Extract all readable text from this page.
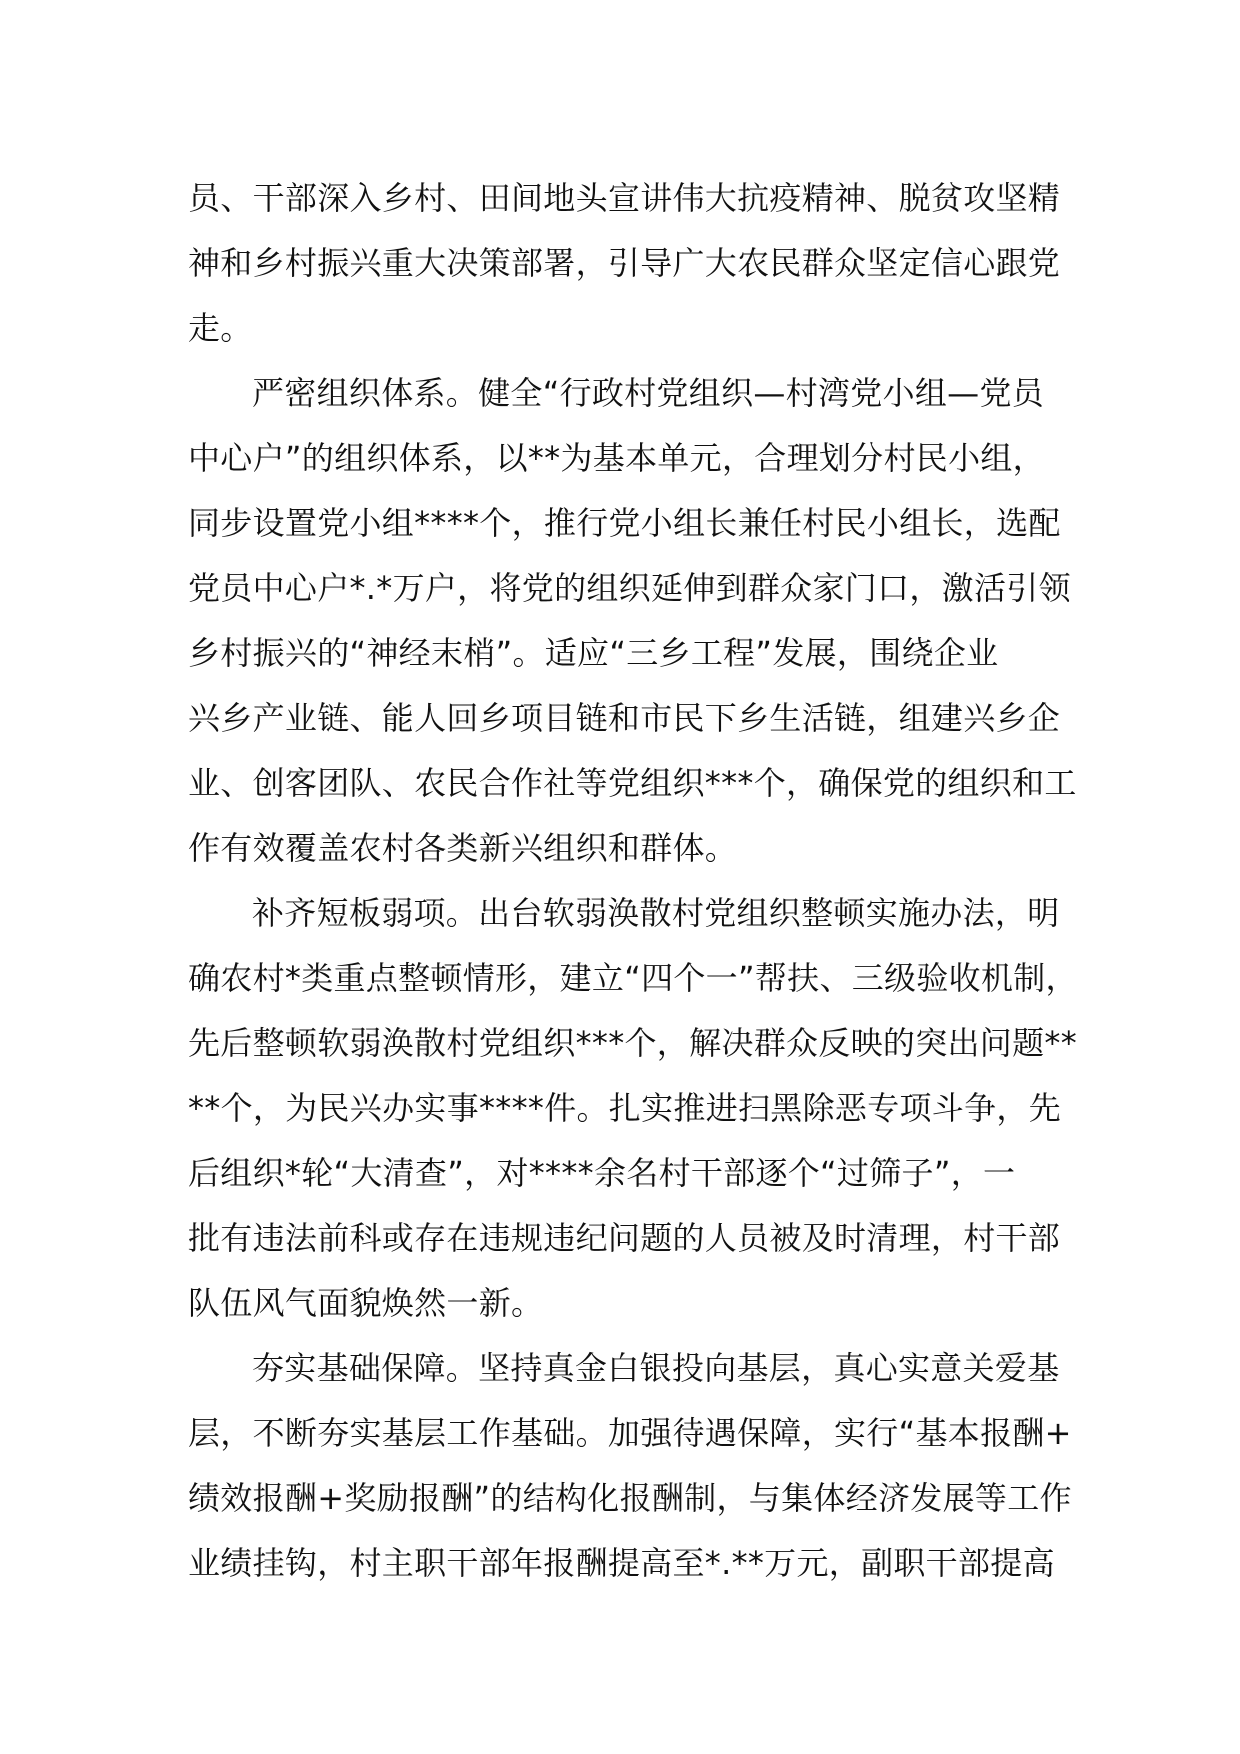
员、干部深入乡村、田间地头宣讲伟大抗疫精神、脱贫攻坚精
神和乡村振兴重大决策部署，引导广大农民群众坚定信心跟党
走。
严密组织体系。健全“行政村党组织—村湾党小组—党员
中心户”的组织体系，以**为基本单元，合理划分村民小组，
同步设置党小组****个，推行党小组长兼任村民小组长，选配
党员中心户*.*万户，将党的组织延伸到群众家门口，激活引领
乡村振兴的“神经末梢”。适应“三乡工程”发展，围绕企业
兴乡产业链、能人回乡项目链和市民下乡生活链，组建兴乡企
业、创客团队、农民合作社等党组织***个，确保党的组织和工
作有效覆盖农村各类新兴组织和群体。
补齐短板弱项。出台软弱涣散村党组织整顿实施办法，明
确农村*类重点整顿情形，建立“四个一”帮扶、三级验收机制，
先后整顿软弱涣散村党组织***个，解决群众反映的突出问题**
**个，为民兴办实事****件。扎实推进扫黑除恶专项斗争，先
后组织*轮“大清查”，对****余名村干部逐个“过筛子”，一
批有违法前科或存在违规违纪问题的人员被及时清理，村干部
队伍风气面貌焕然一新。
夯实基础保障。坚持真金白银投向基层，真心实意关爱基
层，不断夯实基层工作基础。加强待遇保障，实行“基本报酬+
绩效报酬+奖励报酬”的结构化报酬制，与集体经济发展等工作
业绩挂钩，村主职干部年报酬提高至*.**万元，副职干部提高
